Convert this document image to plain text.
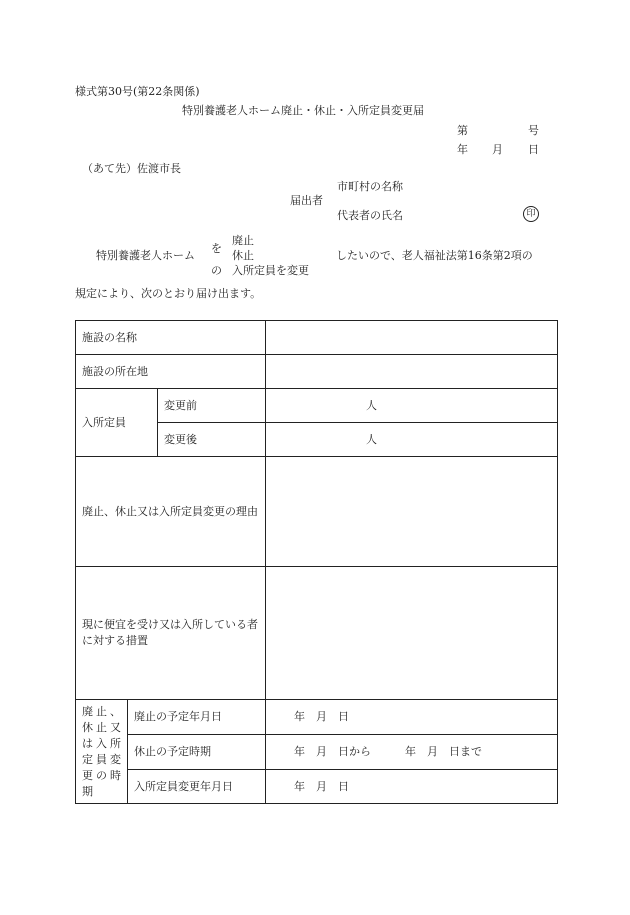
様式第30号(第22条関係)
特別養護老人ホーム廃止・休止・入所定員変更届
第	号
年 月 日
（あて先）佐渡市長
市町村の名称
届出者
代表者の氏名	印
廃止
を
特別養護老人ホーム	休止	したいので、老人福祉法第16条第2項の
の 入所定員を変更
規定により、次のとおり届け出ます。
施設の名称			
施設の所在地			
入所定員		変更前	人
		変更後	人
廃止、休止又は入所定員変更の理由			
現に便宜を受け又は入所している者に対する措置			
廃止、休止又は入所定員変更の時期	廃止の予定年月日		年　月　日
	休止の予定時期		年　月　日から 年　月　日まで
	入所定員変更年月日		年　月　日
